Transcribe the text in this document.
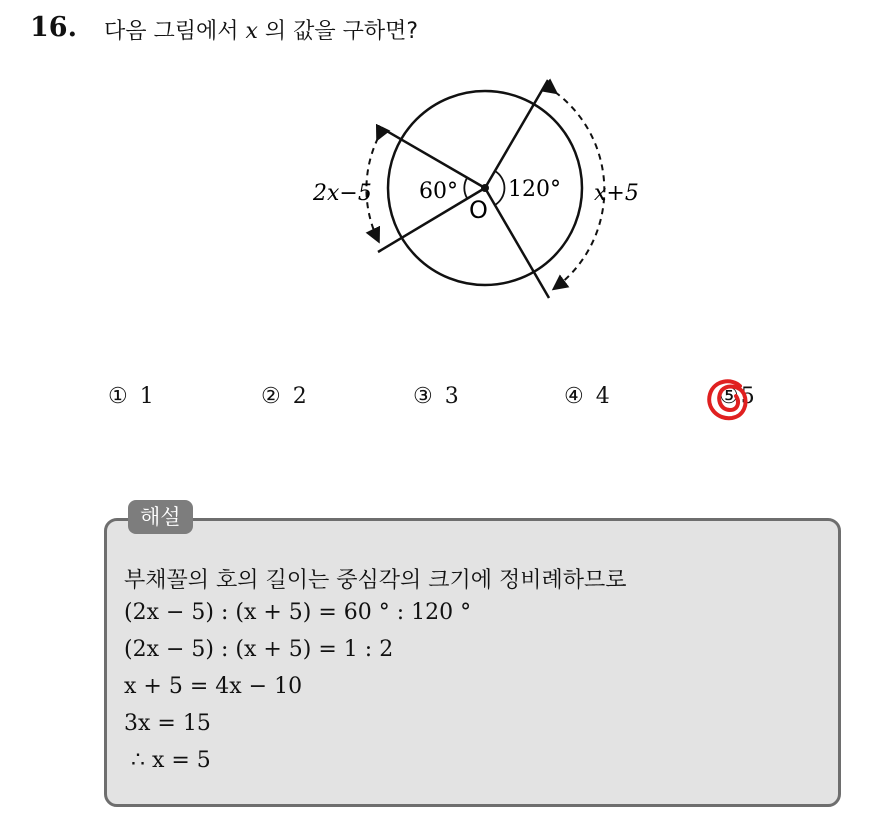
16. 다음 그림에서 x 의 값을 구하면?
2x−5 60° 120° x+5
O
① 1	② 2	③ 3	④ 4	⑤5
해설
부채꼴의 호의 길이는 중심각의 크기에 정비례하므로
(2x − 5) : (x + 5) = 60 ° : 120 °
(2x − 5) : (x + 5) = 1 : 2
x + 5 = 4x − 10
3x = 15
∴ x = 5
